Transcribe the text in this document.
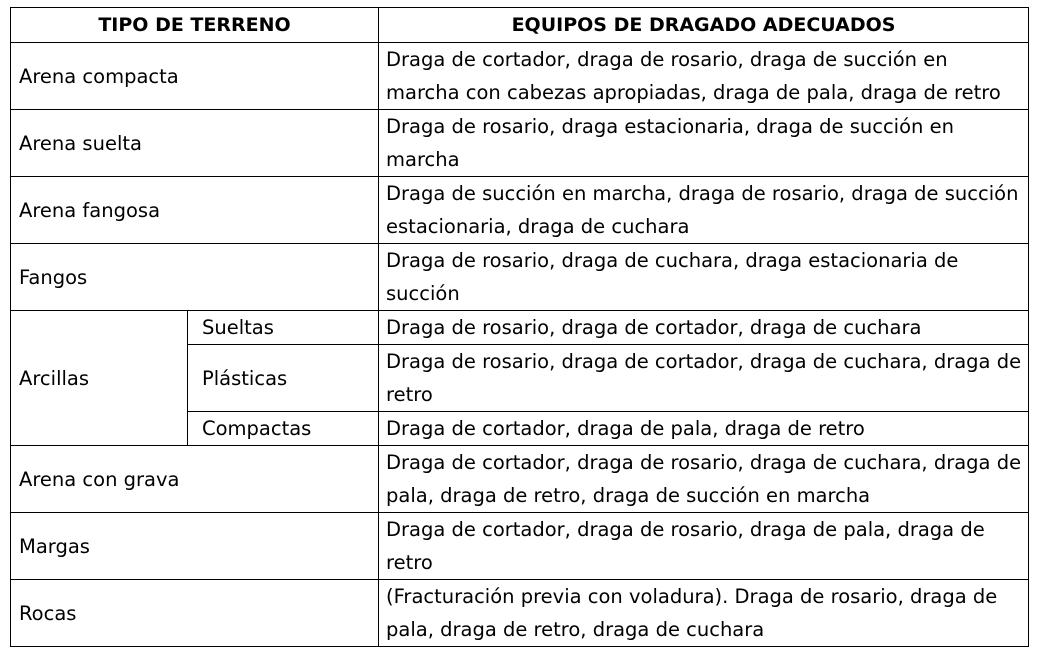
TIPO DE TERRENO		EQUIPOS DE DRAGADO ADECUADOS
Arena compacta		Draga de cortador, draga de rosario, draga de succión en marcha con cabezas apropiadas, draga de pala, draga de retro
Arena suelta		Draga de rosario, draga estacionaria, draga de succión en marcha
Arena fangosa		Draga de succión en marcha, draga de rosario, draga de succión estacionaria, draga de cuchara
Fangos		Draga de rosario, draga de cuchara, draga estacionaria de succión
Arcillas	Sueltas	Draga de rosario, draga de cortador, draga de cuchara
	Plásticas	Draga de rosario, draga de cortador, draga de cuchara, draga de retro
	Compactas	Draga de cortador, draga de pala, draga de retro
Arena con grava		Draga de cortador, draga de rosario, draga de cuchara, draga de pala, draga de retro, draga de succión en marcha
Margas		Draga de cortador, draga de rosario, draga de pala, draga de retro
Rocas		(Fracturación previa con voladura). Draga de rosario, draga de pala, draga de retro, draga de cuchara
